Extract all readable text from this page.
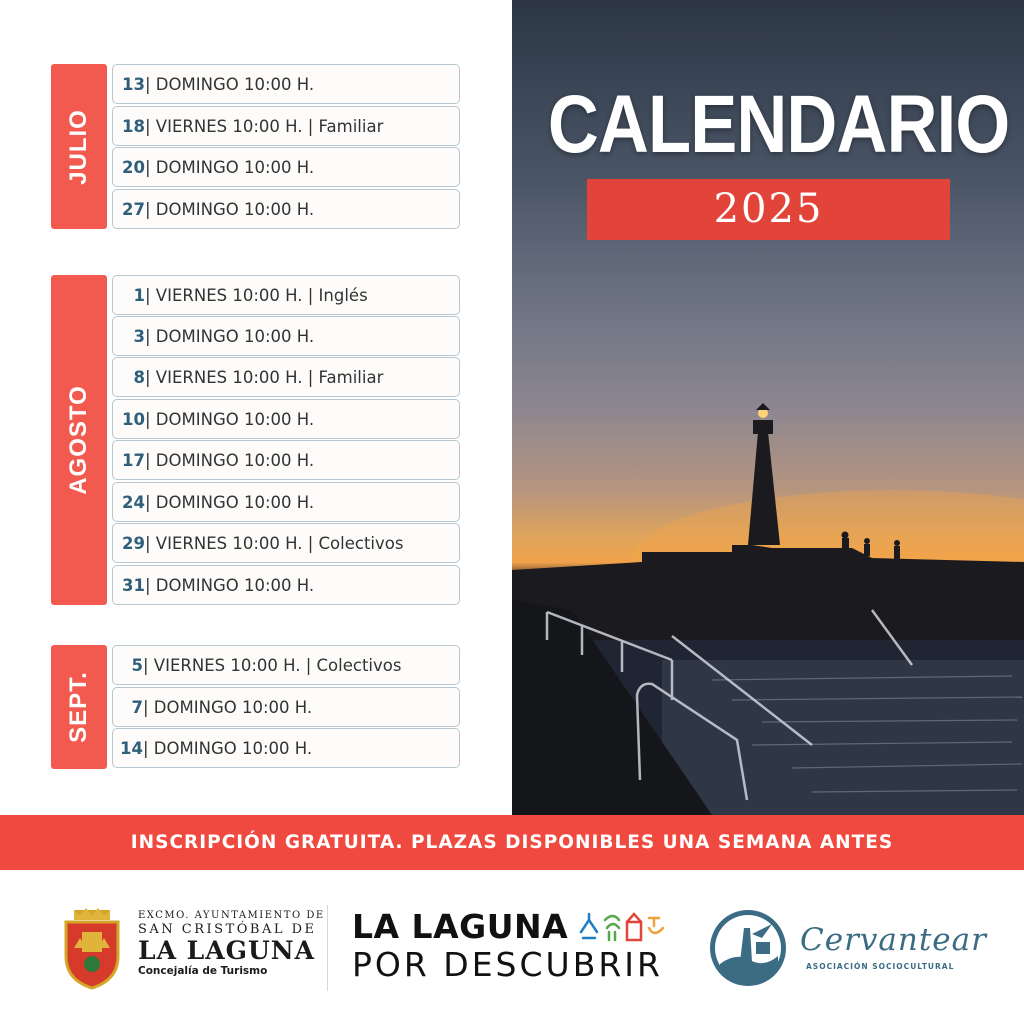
CALENDARIO
2025
JULIO
AGOSTO
SEPT.
13 | DOMINGO 10:00 H.
18 | VIERNES 10:00 H. | Familiar
20 | DOMINGO 10:00 H.
27 | DOMINGO 10:00 H.
1 | VIERNES 10:00 H. | Inglés
3 | DOMINGO 10:00 H.
8 | VIERNES 10:00 H. | Familiar
10 | DOMINGO 10:00 H.
17 | DOMINGO 10:00 H.
24 | DOMINGO 10:00 H.
29 | VIERNES 10:00 H. | Colectivos
31 | DOMINGO 10:00 H.
5 | VIERNES 10:00 H. | Colectivos
7 | DOMINGO 10:00 H.
14 | DOMINGO 10:00 H.
INSCRIPCIÓN GRATUITA. PLAZAS DISPONIBLES UNA SEMANA ANTES
EXCMO. AYUNTAMIENTO DE
SAN CRISTÓBAL DE
LA LAGUNA
Concejalía de Turismo
LA LAGUNA
POR DESCUBRIR
Cervantear
ASOCIACIÓN SOCIOCULTURAL
